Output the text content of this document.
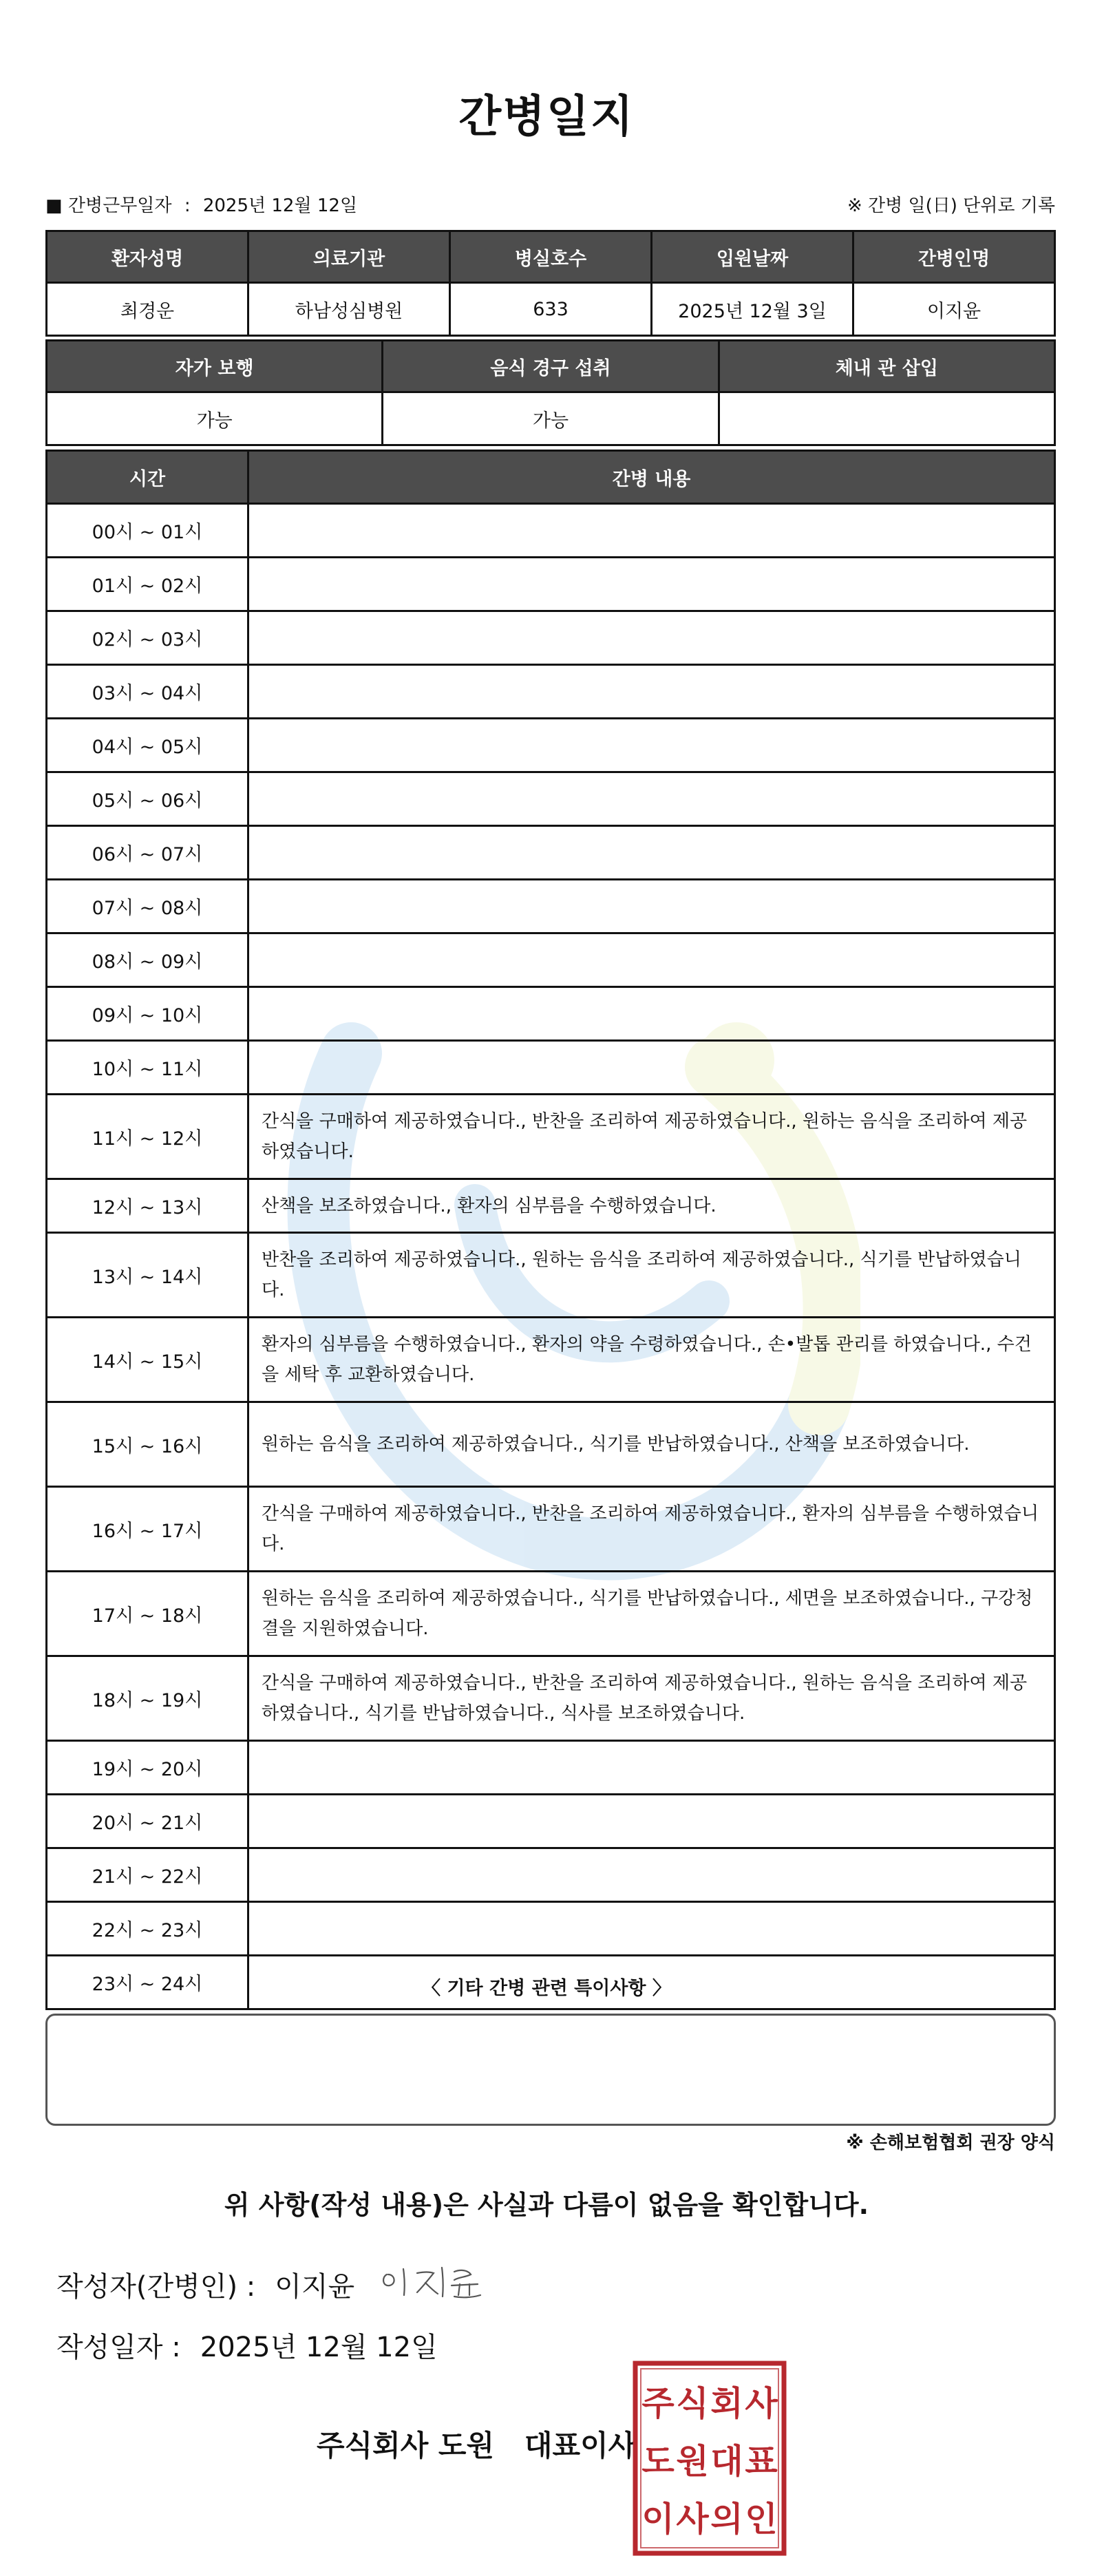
간병일지
■ 간병근무일자 : 2025년 12월 12일	※ 간병 일(日) 단위로 기록
환자성명	의료기관	병실호수	입원날짜	간병인명
최경운	하남성심병원	633	2025년 12월 3일	이지윤
자가 보행	음식 경구 섭취	체내 관 삽입
가능	가능	
시간	간병 내용
00시 ~ 01시	
01시 ~ 02시	
02시 ~ 03시	
03시 ~ 04시	
04시 ~ 05시	
05시 ~ 06시	
06시 ~ 07시	
07시 ~ 08시	
08시 ~ 09시	
09시 ~ 10시	
10시 ~ 11시	
11시 ~ 12시	간식을 구매하여 제공하였습니다., 반찬을 조리하여 제공하였습니다., 원하는 음식을 조리하여 제공하였습니다.
12시 ~ 13시	산책을 보조하였습니다., 환자의 심부름을 수행하였습니다.
13시 ~ 14시	반찬을 조리하여 제공하였습니다., 원하는 음식을 조리하여 제공하였습니다., 식기를 반납하였습니다.
14시 ~ 15시	환자의 심부름을 수행하였습니다., 환자의 약을 수령하였습니다., 손•발톱 관리를 하였습니다., 수건을 세탁 후 교환하였습니다.
15시 ~ 16시	원하는 음식을 조리하여 제공하였습니다., 식기를 반납하였습니다., 산책을 보조하였습니다.
16시 ~ 17시	간식을 구매하여 제공하였습니다., 반찬을 조리하여 제공하였습니다., 환자의 심부름을 수행하였습니다.
17시 ~ 18시	원하는 음식을 조리하여 제공하였습니다., 식기를 반납하였습니다., 세면을 보조하였습니다., 구강청결을 지원하였습니다.
18시 ~ 19시	간식을 구매하여 제공하였습니다., 반찬을 조리하여 제공하였습니다., 원하는 음식을 조리하여 제공하였습니다., 식기를 반납하였습니다., 식사를 보조하였습니다.
19시 ~ 20시	
20시 ~ 21시	
21시 ~ 22시	
22시 ~ 23시	
23시 ~ 24시		〈 기타 간병 관련 특이사항 〉
※ 손해보험협회 권장 양식
위 사항(작성 내용)은 사실과 다름이 없음을 확인합니다.
작성자(간병인) : 이지윤
작성일자 : 2025년 12월 12일
주식회사 도원   대표이사
주 식 회 사
도 원 대 표
이 사 의 인
